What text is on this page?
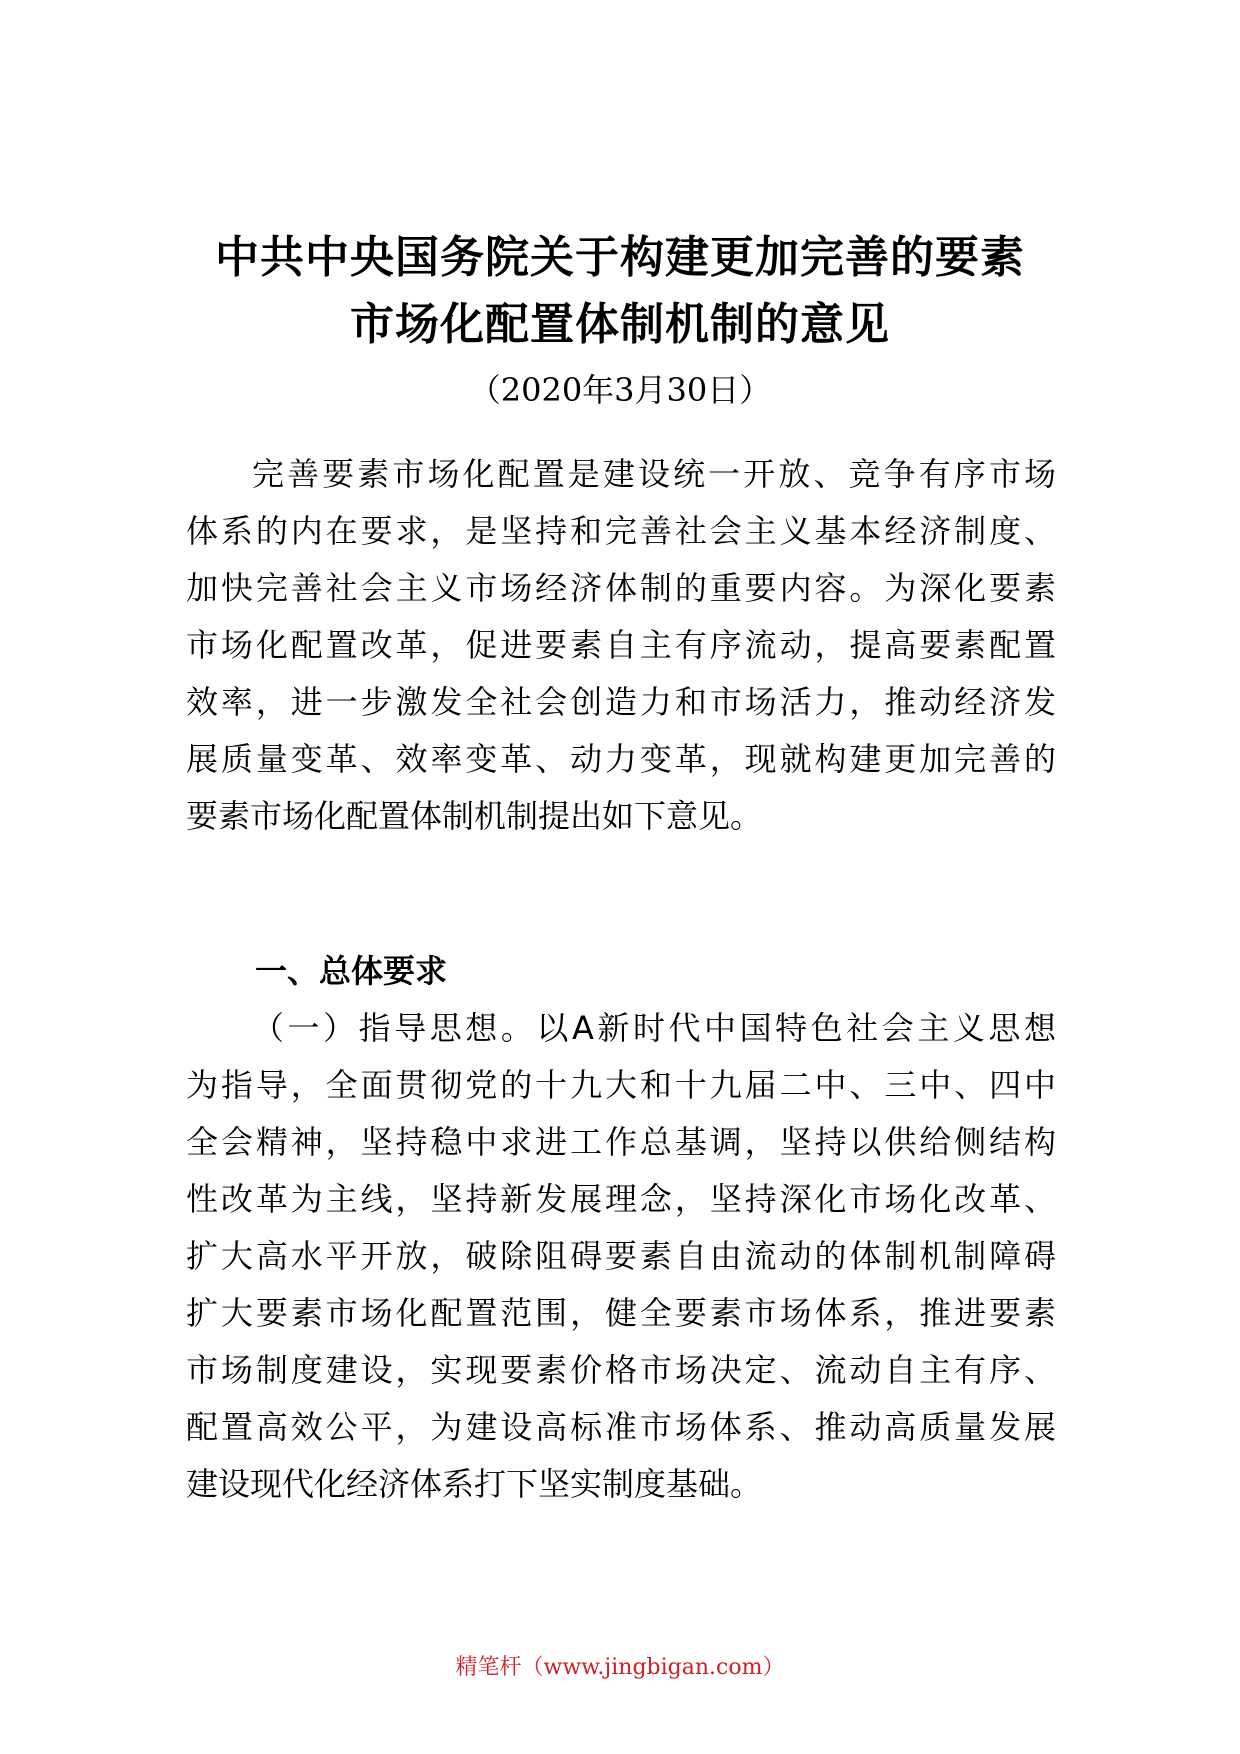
中共中央国务院关于构建更加完善的要素
市场化配置体制机制的意见
（2020年3月30日）
完善要素市场化配置是建设统一开放、竞争有序市场
体系的内在要求，是坚持和完善社会主义基本经济制度、
加快完善社会主义市场经济体制的重要内容。为深化要素
市场化配置改革，促进要素自主有序流动，提高要素配置
效率，进一步激发全社会创造力和市场活力，推动经济发
展质量变革、效率变革、动力变革，现就构建更加完善的
要素市场化配置体制机制提出如下意见。
一、总体要求
（一）指导思想。以A新时代中国特色社会主义思想
为指导，全面贯彻党的十九大和十九届二中、三中、四中
全会精神，坚持稳中求进工作总基调，坚持以供给侧结构
性改革为主线，坚持新发展理念，坚持深化市场化改革、
扩大高水平开放，破除阻碍要素自由流动的体制机制障碍
扩大要素市场化配置范围，健全要素市场体系，推进要素
市场制度建设，实现要素价格市场决定、流动自主有序、
配置高效公平，为建设高标准市场体系、推动高质量发展
建设现代化经济体系打下坚实制度基础。
精笔杆（www.jingbigan.com）
